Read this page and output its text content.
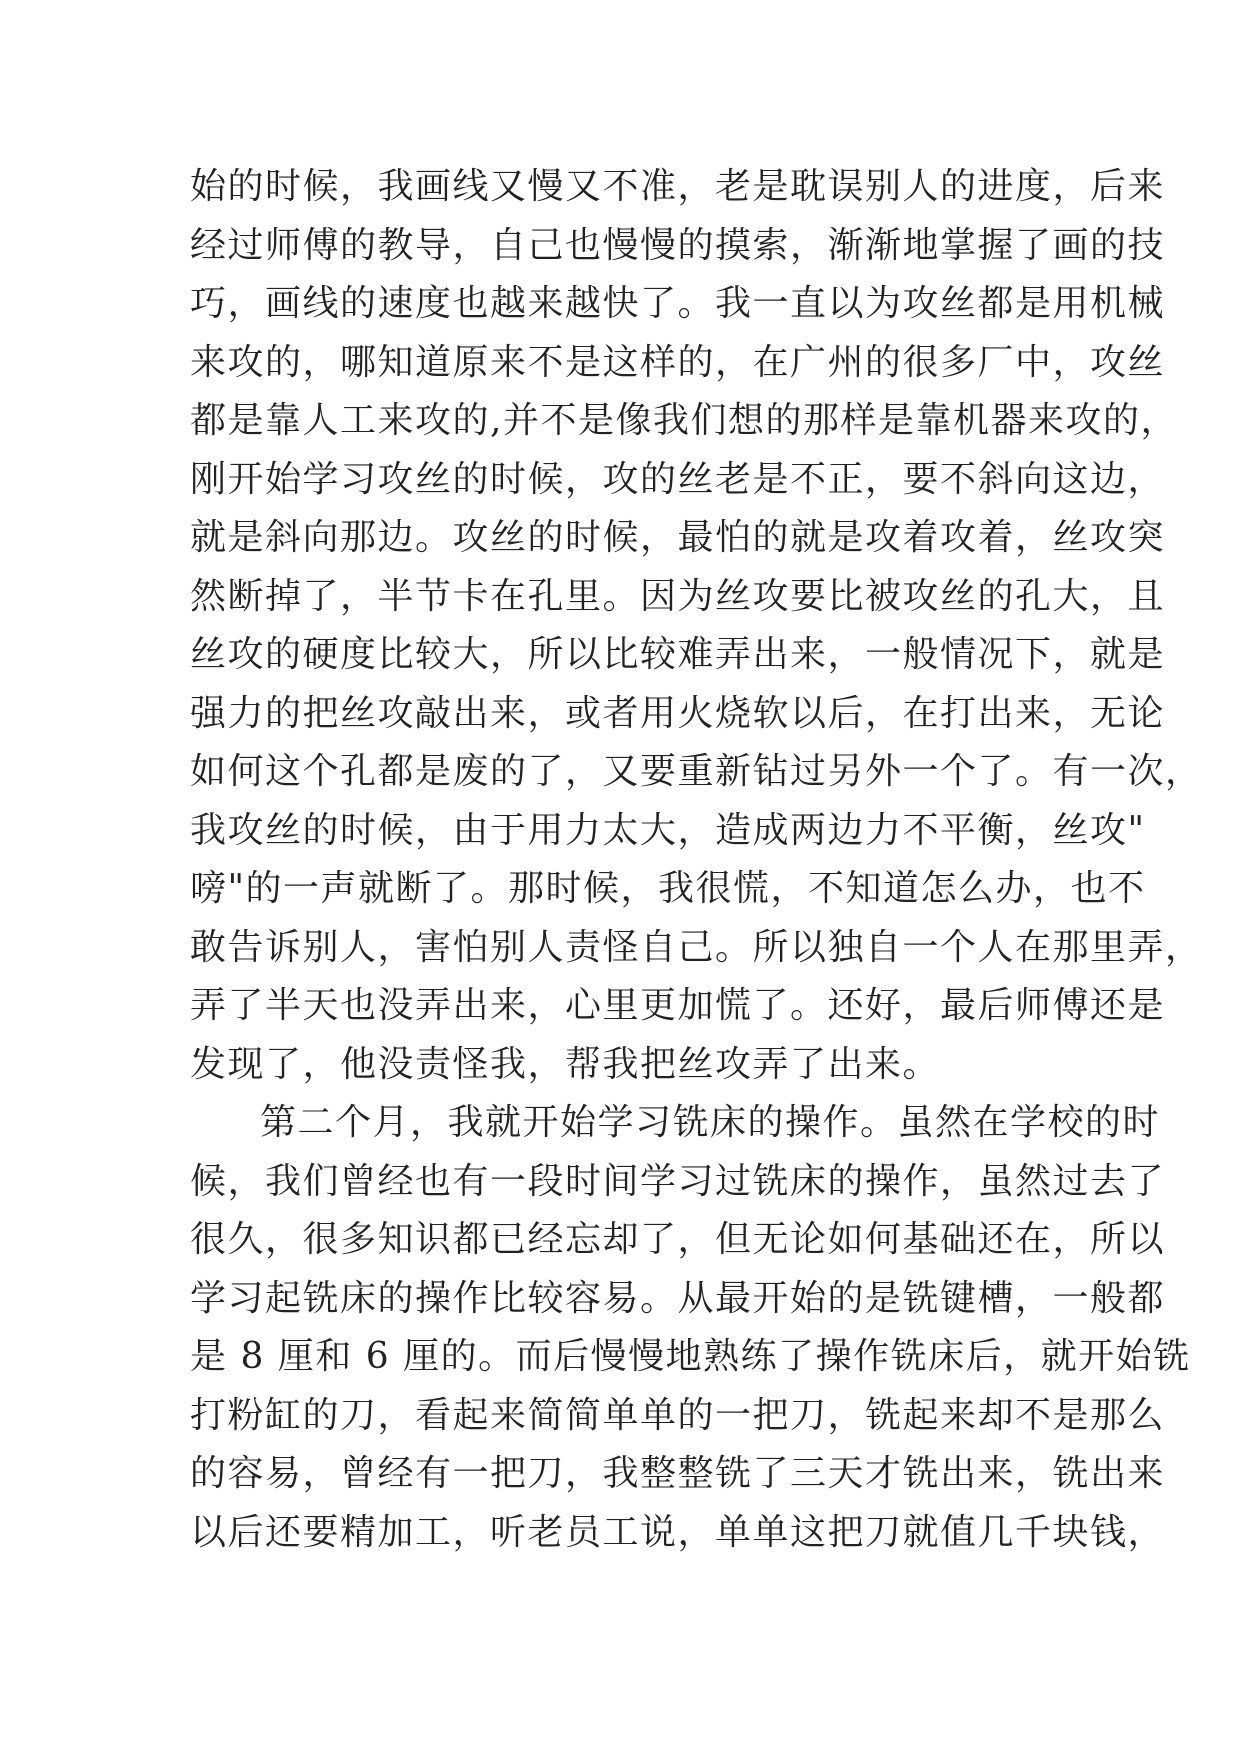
始的时候，我画线又慢又不准，老是耽误别人的进度，后来
经过师傅的教导，自己也慢慢的摸索，渐渐地掌握了画的技
巧，画线的速度也越来越快了。我一直以为攻丝都是用机械
来攻的，哪知道原来不是这样的，在广州的很多厂中，攻丝
都是靠人工来攻的,并不是像我们想的那样是靠机器来攻的，
刚开始学习攻丝的时候，攻的丝老是不正，要不斜向这边，
就是斜向那边。攻丝的时候，最怕的就是攻着攻着，丝攻突
然断掉了，半节卡在孔里。因为丝攻要比被攻丝的孔大，且
丝攻的硬度比较大，所以比较难弄出来，一般情况下，就是
强力的把丝攻敲出来，或者用火烧软以后，在打出来，无论
如何这个孔都是废的了，又要重新钻过另外一个了。有一次，
我攻丝的时候，由于用力太大，造成两边力不平衡，丝攻"
嗙"的一声就断了。那时候，我很慌，不知道怎么办，也不
敢告诉别人，害怕别人责怪自己。所以独自一个人在那里弄，
弄了半天也没弄出来，心里更加慌了。还好，最后师傅还是
发现了，他没责怪我，帮我把丝攻弄了出来。
第二个月，我就开始学习铣床的操作。虽然在学校的时
候，我们曾经也有一段时间学习过铣床的操作，虽然过去了
很久，很多知识都已经忘却了，但无论如何基础还在，所以
学习起铣床的操作比较容易。从最开始的是铣键槽，一般都
是 8 厘和 6 厘的。而后慢慢地熟练了操作铣床后，就开始铣
打粉缸的刀，看起来简简单单的一把刀，铣起来却不是那么
的容易，曾经有一把刀，我整整铣了三天才铣出来，铣出来
以后还要精加工，听老员工说，单单这把刀就值几千块钱，
